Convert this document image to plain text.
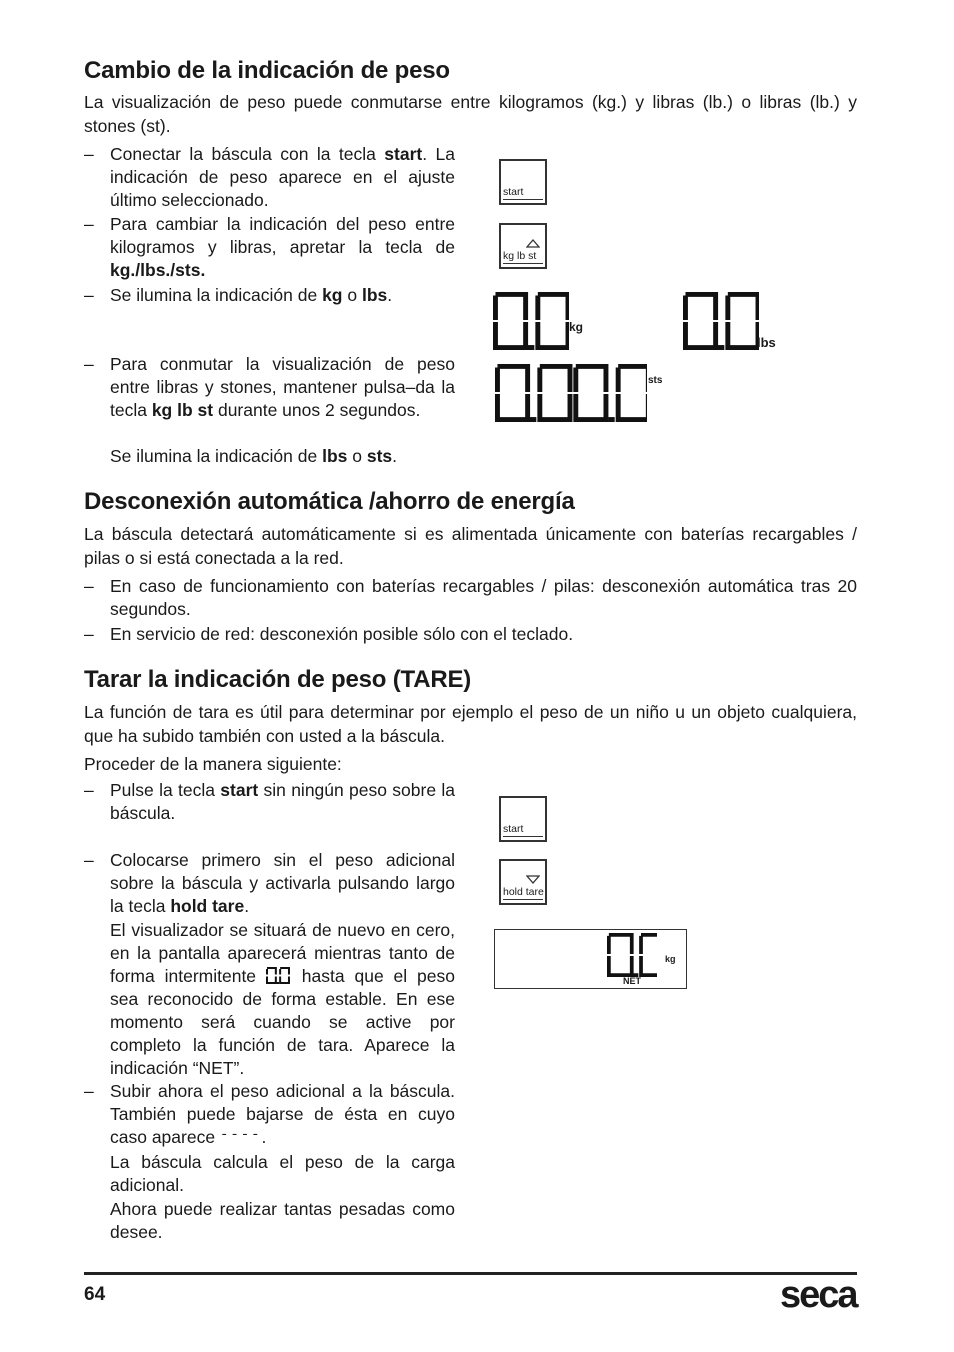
Cambio de la indicación de peso

La visualización de peso puede conmutarse entre kilogramos (kg.) y libras (lb.) o libras (lb.) y stones (st).

– Conectar la báscula con la tecla start. La indicación de peso aparece en el ajuste último seleccionado.
– Para cambiar la indicación del peso entre kilogramos y libras, apretar la tecla de kg./lbs./sts.
– Se ilumina la indicación de kg o lbs.
– Para conmutar la visualización de peso entre libras y stones, mantener pulsa–da la tecla kg lb st durante unos 2 segundos.
Se ilumina la indicación de lbs o sts.
start
kg lb st
kg
lbs
sts
Desconexión automática /ahorro de energía

La báscula detectará automáticamente si es alimentada únicamente con baterías recargables / pilas o si está conectada a la red.

– En caso de funcionamiento con baterías recargables / pilas: desconexión automática tras 20 segundos.
– En servicio de red: desconexión posible sólo con el teclado.
Tarar la indicación de peso (TARE)

La función de tara es útil para determinar por ejemplo el peso de un niño u un objeto cualquiera, que ha subido también con usted a la báscula.

Proceder de la manera siguiente:

– Pulse la tecla start sin ningún peso sobre la báscula.
– Colocarse primero sin el peso adicional sobre la báscula y activarla pulsando largo la tecla hold tare.
El visualizador se situará de nuevo en cero, en la pantalla aparecerá mientras tanto de forma intermitente  hasta que el peso sea reconocido de forma estable. En ese momento será cuando se active por completo la función de tara. Aparece la indicación “NET”.
– Subir ahora el peso adicional a la báscula. También puede bajarse de ésta en cuyo caso aparece ----.
La báscula calcula el peso de la carga adicional.
Ahora puede realizar tantas pesadas como desee.
start
hold tare
kg
NET
64	seca
